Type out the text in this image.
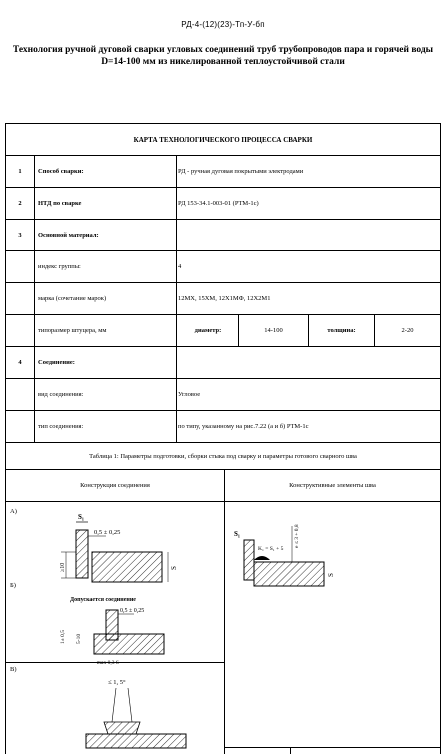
РД-4-(12)(23)-Тп-У-бп
Технология ручной дуговой сварки угловых соединений труб трубопроводов пара и горячей воды D=14-100 мм из никелированной теплоустойчивой стали
КАРТА ТЕХНОЛОГИЧЕСКОГО ПРОЦЕССА СВАРКИ
1	Способ сварки:	РД - ручная дуговая покрытыми электродами
2	НТД по сварке	РД 153-34.1-003-01 (РТМ-1с)
3	Основной материал:
индекс группы:	4
марка (сочетание марок)	12МХ, 15ХМ, 12Х1МФ, 12Х2М1
типоразмер штуцера, мм	диаметр:	14-100	толщина:	2-20
4	Соединение:
вид соединения:	Угловое
тип соединения:	по типу, указанному на рис.7.22 (а и б) РТМ-1с
Таблица 1: Параметры подготовки, сборки стыка под сварку и параметры готового сварного шва
Конструкция соединения	Конструктивные элементы шва
А)
S₁
0,5 ± 0,25
≥10	S
Б)
Допускается соединение
0,5 ± 0,25
1± 0,5 5-10
–max 0,3 S
В)
≤ 1, 5°
S₁
K₁ = S₁ + 5
e ≤ 3 + 0,8
S
